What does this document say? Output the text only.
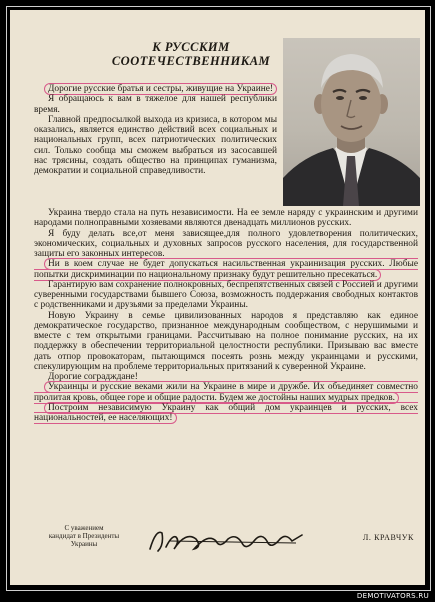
К РУССКИМ
СООТЕЧЕСТВЕННИКАМ

Дорогие русские братья и сестры, живущие на Украине!

Я обращаюсь к вам в тяжелое для нашей республики время.

Главной предпосылкой выхода из кризиса, в котором мы оказались, является единство действий всех социальных и национальных групп, всех патриотических политических сил. Только сообща мы сможем выбраться из засосавшей нас трясины, создать общество на принципах гуманизма, демократии и социальной справедливости.

Украина твердо стала на путь независимости. На ее земле наряду с украинским и другими народами полноправными хозяевами являются двенадцать миллионов русских.

Я буду делать все,от меня зависящее,для полного удовлетворения политических, экономических, социальных и духовных запросов русского населения, для государственной защиты его законных интересов.

Ни в коем случае не будет допускаться насильственная украинизация русских. Любые попытки дискриминации по национальному признаку будут решительно пресекаться.

Гарантирую вам сохранение полнокровных, беспрепятственных связей с Россией и другими суверенными государствами бывшего Союза, возможность поддержания свободных контактов с родственниками и друзьями за пределами Украины.

Новую Украину в семье цивилизованных народов я представляю как единое демократическое государство, признанное международным сообществом, с нерушимыми и вместе с тем открытыми границами. Рассчитываю на полное понимание русских, на их поддержку в обеспечении территориальной целостности республики. Призываю вас вместе дать отпор провокаторам, пытающимся посеять рознь между украинцами и русскими, спекулирующим на проблеме территориальных притязаний к суверенной Украине.

Дорогие соградждане!

Украинцы и русские веками жили на Украине в мире и дружбе. Их объединяет совместно пролитая кровь, общее горе и общие радости. Будем же достойны наших мудрых предков.

Построим независимую Украину как общий дом украинцев и русских, всех национальностей, ее населяющих!

С уважением
кандидат в Президенты
Украины
Л. КРАВЧУК
DEMOTIVATORS.RU
